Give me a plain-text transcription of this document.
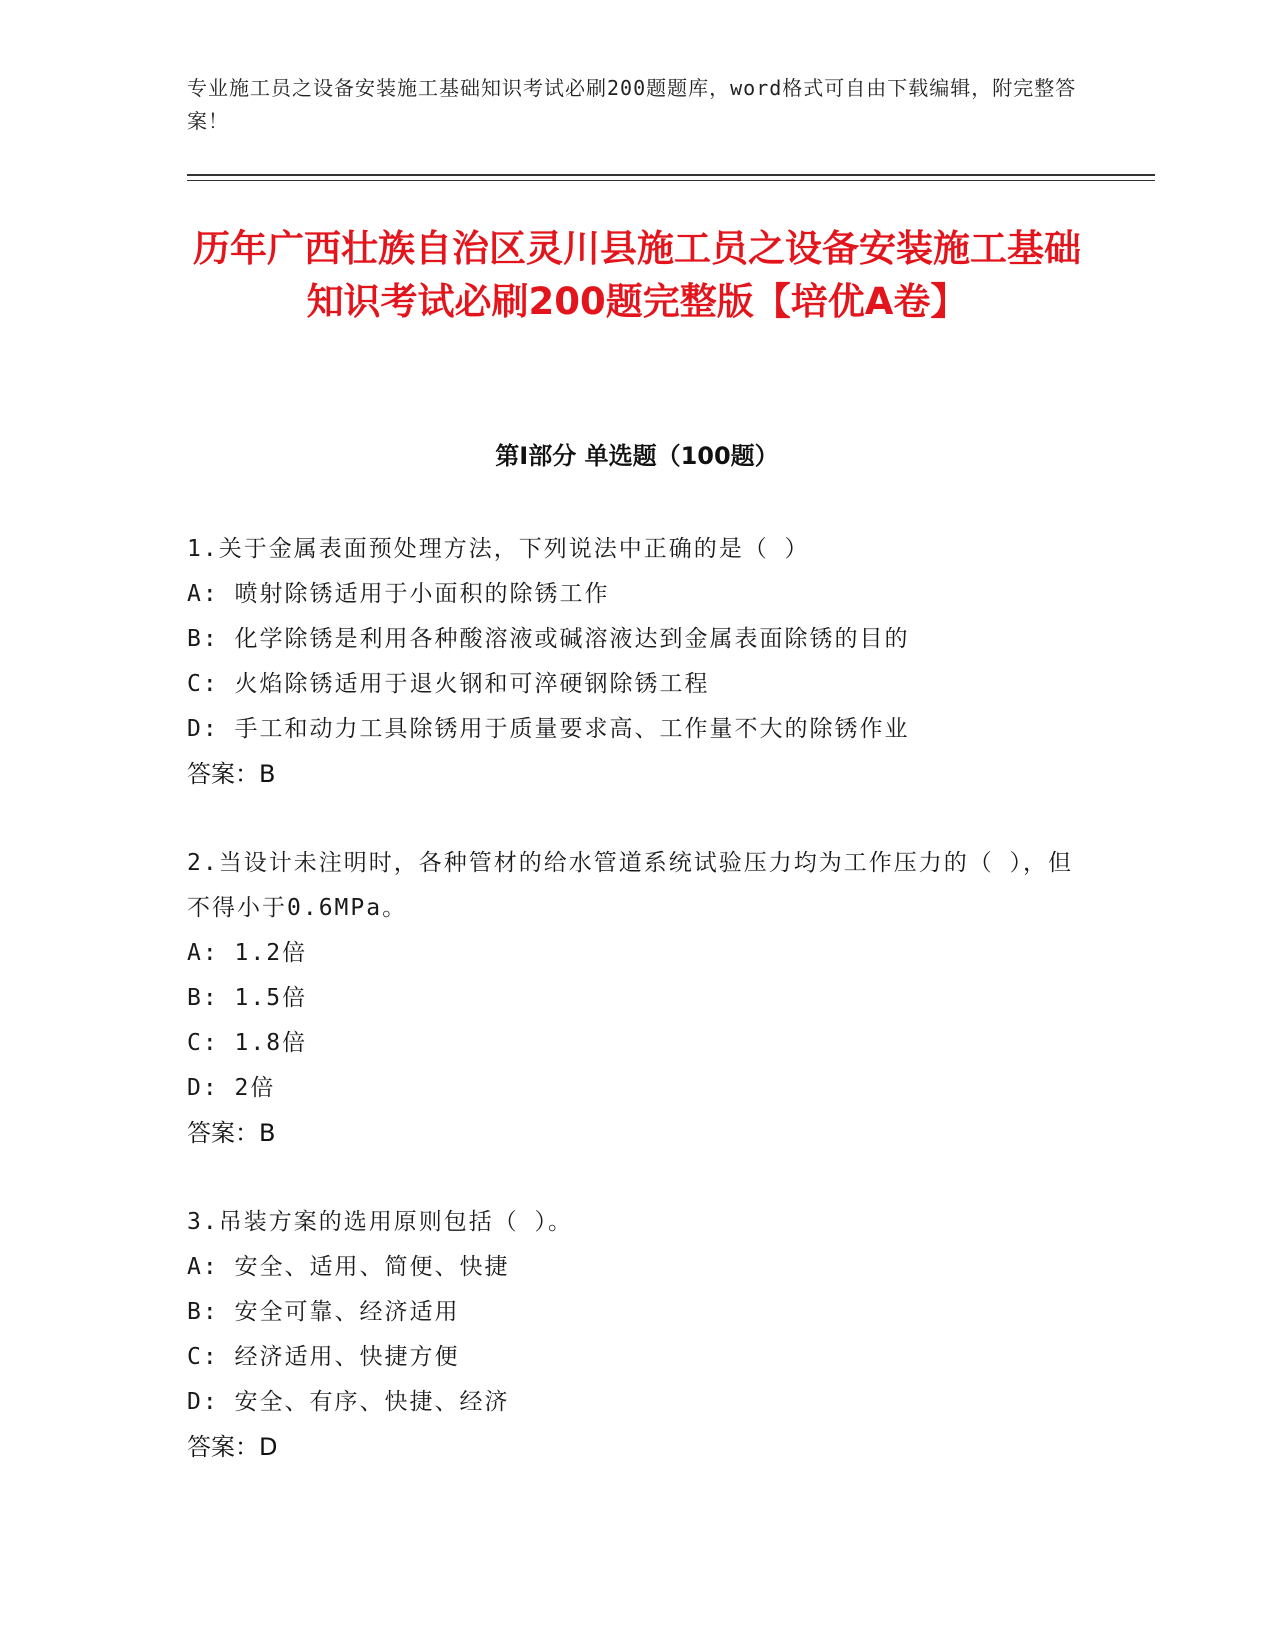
专业施工员之设备安装施工基础知识考试必刷200题题库，word格式可自由下载编辑，附完整答案！
历年广西壮族自治区灵川县施工员之设备安装施工基础知识考试必刷200题完整版【培优A卷】
第I部分 单选题（100题）
1.关于金属表面预处理方法，下列说法中正确的是（ ）
A: 喷射除锈适用于小面积的除锈工作
B: 化学除锈是利用各种酸溶液或碱溶液达到金属表面除锈的目的
C: 火焰除锈适用于退火钢和可淬硬钢除锈工程
D: 手工和动力工具除锈用于质量要求高、工作量不大的除锈作业
答案：B
2.当设计未注明时，各种管材的给水管道系统试验压力均为工作压力的（ ），但不得小于0.6MPa。
A: 1.2倍
B: 1.5倍
C: 1.8倍
D: 2倍
答案：B
3.吊装方案的选用原则包括（ ）。
A: 安全、适用、简便、快捷
B: 安全可靠、经济适用
C: 经济适用、快捷方便
D: 安全、有序、快捷、经济
答案：D
